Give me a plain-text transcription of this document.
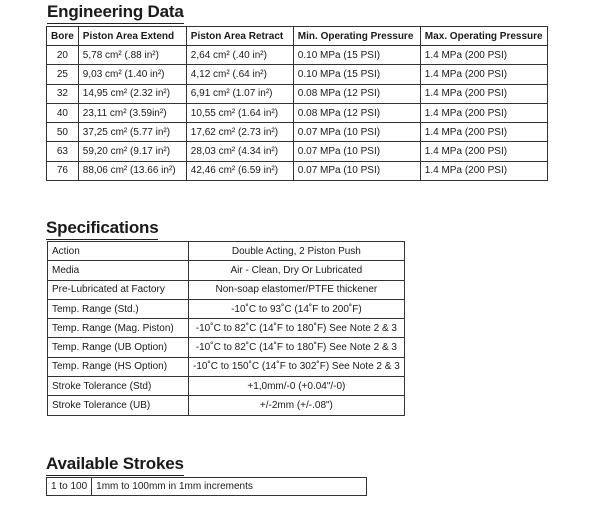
Engineering Data
Bore	Piston Area Extend	Piston Area Retract	Min. Operating Pressure	Max. Operating Pressure
20	5,78 cm² (.88 in²)	2,64 cm² (.40 in²)	0.10 MPa (15 PSI)	1.4 MPa (200 PSI)
25	9,03 cm² (1.40 in²)	4,12 cm² (.64 in²)	0.10 MPa (15 PSI)	1.4 MPa (200 PSI)
32	14,95 cm² (2.32 in²)	6,91 cm² (1.07 in²)	0.08 MPa (12 PSI)	1.4 MPa (200 PSI)
40	23,11 cm² (3.59in²)	10,55 cm² (1.64 in²)	0.08 MPa (12 PSI)	1.4 MPa (200 PSI)
50	37,25 cm² (5.77 in²)	17,62 cm² (2.73 in²)	0.07 MPa (10 PSI)	1.4 MPa (200 PSI)
63	59,20 cm² (9.17 in²)	28,03 cm² (4.34 in²)	0.07 MPa (10 PSI)	1.4 MPa (200 PSI)
76	88,06 cm² (13.66 in²)	42,46 cm² (6.59 in²)	0.07 MPa (10 PSI)	1.4 MPa (200 PSI)
Specifications
Action	Double Acting, 2 Piston Push
Media	Air - Clean, Dry Or Lubricated
Pre-Lubricated at Factory	Non-soap elastomer/PTFE thickener
Temp. Range (Std.)	-10˚C to 93˚C (14˚F to 200˚F)
Temp. Range (Mag. Piston)	-10˚C to 82˚C (14˚F to 180˚F) See Note 2 & 3
Temp. Range (UB Option)	-10˚C to 82˚C (14˚F to 180˚F) See Note 2 & 3
Temp. Range (HS Option)	-10˚C to 150˚C (14˚F to 302˚F) See Note 2 & 3
Stroke Tolerance (Std)	+1,0mm/-0 (+0.04"/-0)
Stroke Tolerance (UB)	+/-2mm (+/-.08")
Available Strokes
1 to 100	1mm to 100mm in 1mm increments
